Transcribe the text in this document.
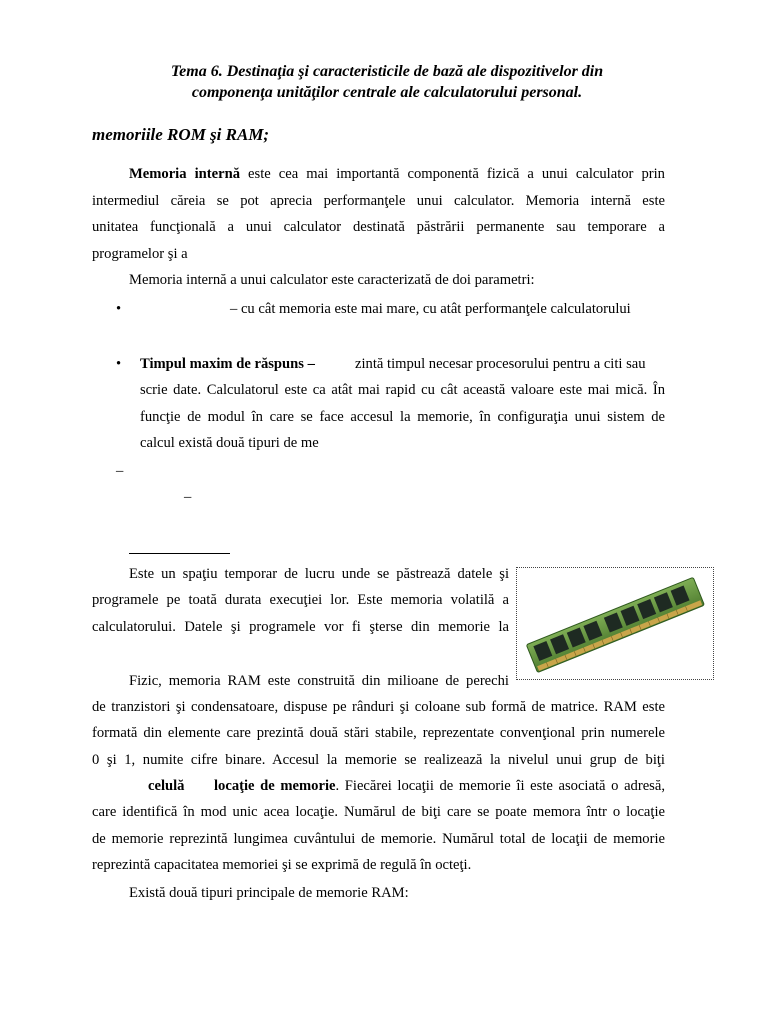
Tema 6. Destinaţia şi caracteristicile de bază ale dispozitivelor din
componenţa unităţilor centrale ale calculatorului personal.
memoriile ROM şi RAM;
Memoria internă este cea mai importantă componentă fizică a unui calculator prin
intermediul căreia se pot aprecia performanţele unui calculator. Memoria internă este
unitatea funcţională a unui calculator destinată păstrării permanente sau temporare a
programelor şi a
Memoria internă a unui calculator este caracterizată de doi parametri:
•	– cu cât memoria este mai mare, cu atât performanţele calculatorului
• Timpul maxim de răspuns –	zintă timpul necesar procesorului pentru a citi sau
scrie date. Calculatorul este ca atât mai rapid cu cât această valoare este mai mică. În
funcţie de modul în care se face accesul la memorie, în configuraţia unui sistem de
calcul există două tipuri de me
–
–
Este un spaţiu temporar de lucru unde se păstrează datele şi
programele pe toată durata execuţiei lor. Este memoria volatilă a
calculatorului. Datele şi programele vor fi şterse din memorie la
Fizic, memoria RAM este construită din milioane de perechi
de tranzistori şi condensatoare, dispuse pe rânduri şi coloane sub formă de matrice. RAM este
formată din elemente care prezintă două stări stabile, reprezentate convenţional prin numerele
0 şi 1, numite cifre binare. Accesul la memorie se realizează la nivelul unui grup de biţi
celulă locaţie de memorie. Fiecărei locaţii de memorie îi este asociată o adresă,
care identifică în mod unic acea locaţie. Numărul de biţi care se poate memora într o locaţie
de memorie reprezintă lungimea cuvântului de memorie. Numărul total de locaţii de memorie
reprezintă capacitatea memoriei şi se exprimă de regulă în octeţi.
Există două tipuri principale de memorie RAM:
